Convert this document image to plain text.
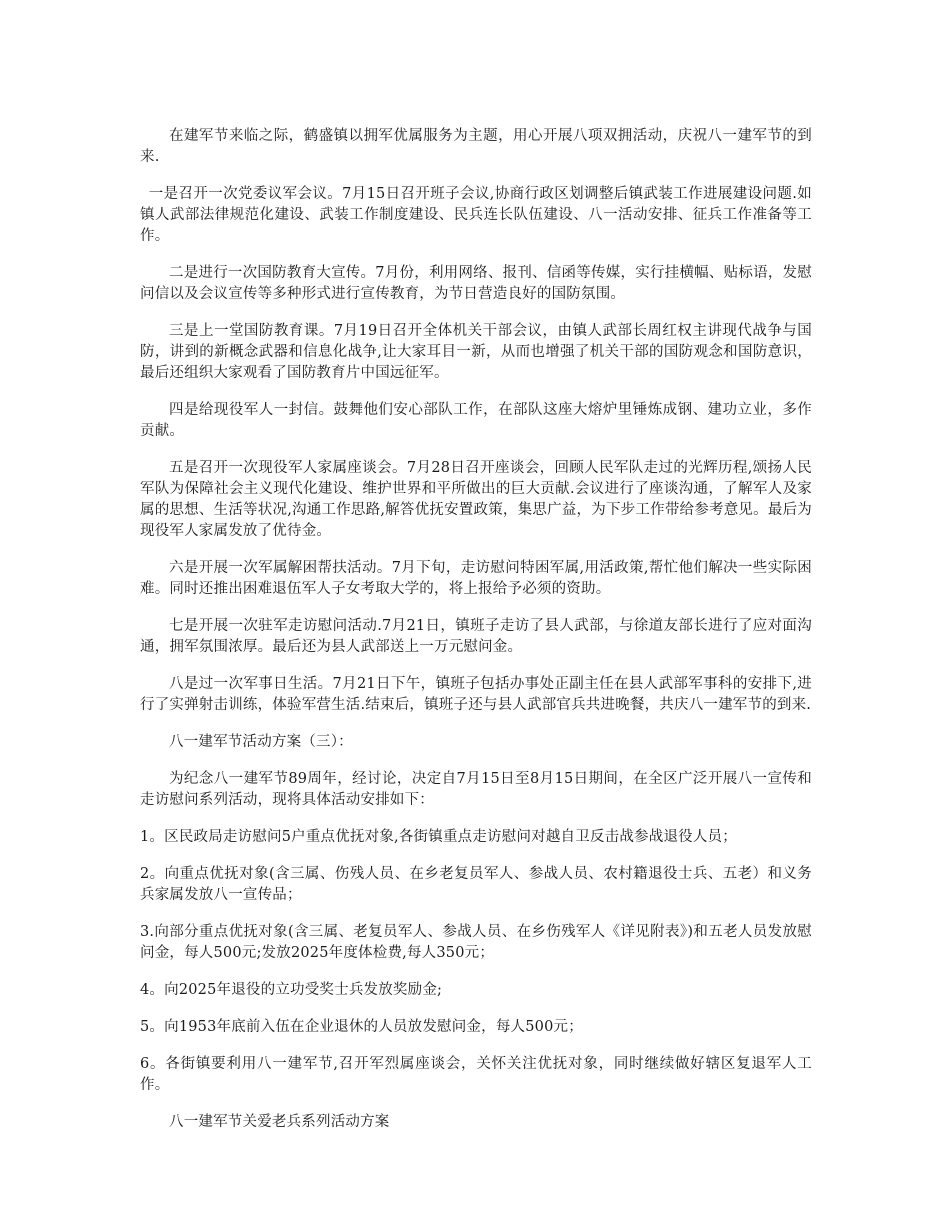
在建军节来临之际，鹤盛镇以拥军优属服务为主题，用心开展八项双拥活动，庆祝八一建军节的到来.

一是召开一次党委议军会议。7月15日召开班子会议,协商行政区划调整后镇武装工作进展建设问题.如镇人武部法律规范化建设、武装工作制度建设、民兵连长队伍建设、八一活动安排、征兵工作准备等工作。

二是进行一次国防教育大宣传。7月份，利用网络、报刊、信函等传媒，实行挂横幅、贴标语，发慰问信以及会议宣传等多种形式进行宣传教育，为节日营造良好的国防氛围。

三是上一堂国防教育课。7月19日召开全体机关干部会议，由镇人武部长周红权主讲现代战争与国防，讲到的新概念武器和信息化战争,让大家耳目一新，从而也增强了机关干部的国防观念和国防意识，最后还组织大家观看了国防教育片中国远征军。

四是给现役军人一封信。鼓舞他们安心部队工作，在部队这座大熔炉里锤炼成钢、建功立业，多作贡献。

五是召开一次现役军人家属座谈会。7月28日召开座谈会，回顾人民军队走过的光辉历程,颂扬人民军队为保障社会主义现代化建设、维护世界和平所做出的巨大贡献.会议进行了座谈沟通，了解军人及家属的思想、生活等状况,沟通工作思路,解答优抚安置政策，集思广益，为下步工作带给参考意见。最后为现役军人家属发放了优待金。

六是开展一次军属解困帮扶活动。7月下旬，走访慰问特困军属,用活政策,帮忙他们解决一些实际困难。同时还推出困难退伍军人子女考取大学的，将上报给予必须的资助。

七是开展一次驻军走访慰问活动.7月21日，镇班子走访了县人武部，与徐道友部长进行了应对面沟通，拥军氛围浓厚。最后还为县人武部送上一万元慰问金。

八是过一次军事日生活。7月21日下午，镇班子包括办事处正副主任在县人武部军事科的安排下,进行了实弹射击训练，体验军营生活.结束后，镇班子还与县人武部官兵共进晚餐，共庆八一建军节的到来.

八一建军节活动方案（三）：

为纪念八一建军节89周年，经讨论，决定自7月15日至8月15日期间，在全区广泛开展八一宣传和走访慰问系列活动，现将具体活动安排如下：

1。区民政局走访慰问5户重点优抚对象,各街镇重点走访慰问对越自卫反击战参战退役人员；

2。向重点优抚对象(含三属、伤残人员、在乡老复员军人、参战人员、农村籍退役士兵、五老）和义务兵家属发放八一宣传品；

3.向部分重点优抚对象(含三属、老复员军人、参战人员、在乡伤残军人《详见附表》)和五老人员发放慰问金，每人500元;发放2025年度体检费,每人350元；

4。向2025年退役的立功受奖士兵发放奖励金;

5。向1953年底前入伍在企业退休的人员放发慰问金，每人500元；

6。各街镇要利用八一建军节,召开军烈属座谈会，关怀关注优抚对象，同时继续做好辖区复退军人工作。

八一建军节关爱老兵系列活动方案
